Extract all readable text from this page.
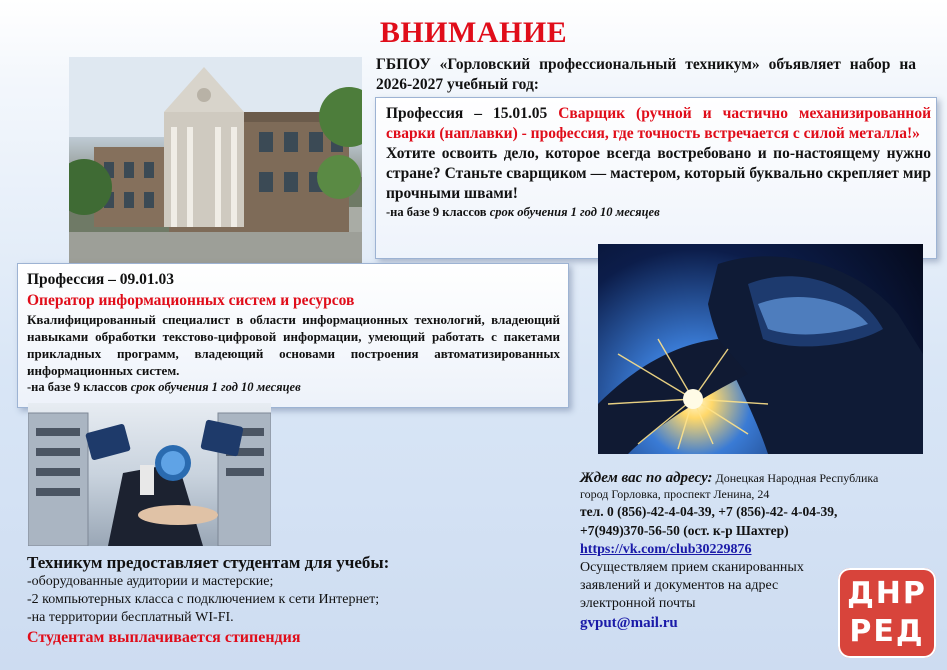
ВНИМАНИЕ
ГБПОУ «Горловский профессиональный техникум» объявляет набор на 2026-2027 учебный год:
Профессия – 15.01.05 Сварщик (ручной и частично механизированной сварки (наплавки) - профессия, где точность встречается с силой металла!»
Хотите освоить дело, которое всегда востребовано и по-настоящему нужно стране? Станьте сварщиком — мастером, который буквально скрепляет мир прочными швами!
-на базе 9 классов срок обучения 1 год 10 месяцев
Профессия – 09.01.03
Оператор информационных систем и ресурсов
Квалифицированный специалист в области информационных технологий, владеющий навыками обработки текстово-цифровой информации, умеющий работать с пакетами прикладных программ, владеющий основами построения автоматизированных информационных систем.
-на базе 9 классов срок обучения 1 год 10 месяцев
Техникум предоставляет студентам для учебы:
-оборудованные аудитории и мастерские;
-2 компьютерных класса с подключением к сети Интернет;
-на территории бесплатный WI-FI.
Студентам выплачивается стипендия
Ждем вас по адресу: Донецкая Народная Республика
город Горловка, проспект Ленина, 24
тел. 0 (856)-42-4-04-39, +7 (856)-42- 4-04-39,
+7(949)370-56-50 (ост. к-р Шахтер)
https://vk.com/club30229876
Осуществляем прием сканированных заявлений и документов на адрес электронной почты
gvput@mail.ru
ДНР
РЕД
